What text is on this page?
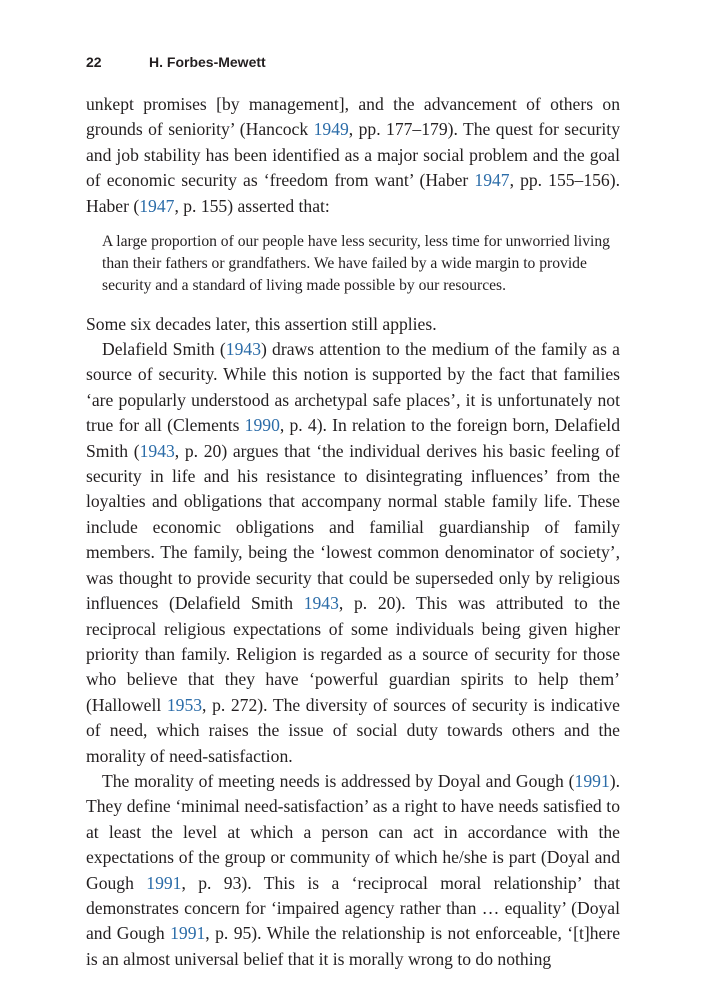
22	H. Forbes-Mewett

unkept promises [by management], and the advancement of others on grounds of seniority’ (Hancock 1949, pp. 177–179). The quest for security and job stability has been identified as a major social problem and the goal of economic security as ‘freedom from want’ (Haber 1947, pp. 155–156). Haber (1947, p. 155) asserted that:

A large proportion of our people have less security, less time for unworried living than their fathers or grandfathers. We have failed by a wide margin to provide security and a standard of living made possible by our resources.

Some six decades later, this assertion still applies.

Delafield Smith (1943) draws attention to the medium of the family as a source of security. While this notion is supported by the fact that families ‘are popularly understood as archetypal safe places’, it is unfortunately not true for all (Clements 1990, p. 4). In relation to the foreign born, Delafield Smith (1943, p. 20) argues that ‘the individual derives his basic feeling of security in life and his resistance to disintegrating influences’ from the loyalties and obligations that accompany normal stable family life. These include economic obligations and familial guardianship of family members. The family, being the ‘lowest common denominator of society’, was thought to provide security that could be superseded only by religious influences (Delafield Smith 1943, p. 20). This was attributed to the reciprocal religious expectations of some individuals being given higher priority than family. Religion is regarded as a source of security for those who believe that they have ‘powerful guardian spirits to help them’ (Hallowell 1953, p. 272). The diversity of sources of security is indicative of need, which raises the issue of social duty towards others and the morality of need-satisfaction.

The morality of meeting needs is addressed by Doyal and Gough (1991). They define ‘minimal need-satisfaction’ as a right to have needs satisfied to at least the level at which a person can act in accordance with the expectations of the group or community of which he/she is part (Doyal and Gough 1991, p. 93). This is a ‘reciprocal moral relationship’ that demonstrates concern for ‘impaired agency rather than … equality’ (Doyal and Gough 1991, p. 95). While the relationship is not enforceable, ‘[t]here is an almost universal belief that it is morally wrong to do nothing
